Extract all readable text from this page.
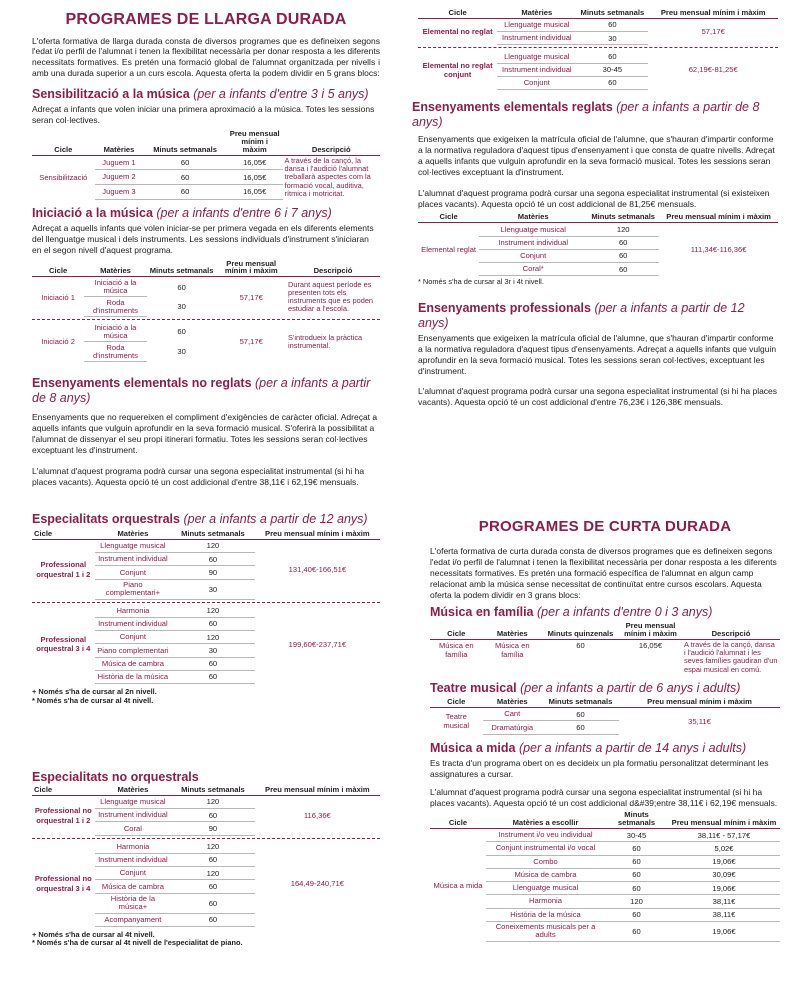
PROGRAMES DE LLARGA DURADA
L'oferta formativa de llarga durada consta de diversos programes que es defineixen segons l'edat i/o perfil de l'alumnat i tenen la flexibilitat necessària per donar resposta a les diferents necessitats formatives. Es pretén una formació global de l'alumnat organitzada per nivells i amb una durada superior a un curs escola. Aquesta oferta la podem dividir en 5 grans blocs:
Sensibilització a la música (per a infants d'entre 3 i 5 anys)
Adreçat a infants que volen iniciar una primera aproximació a la música. Totes les sessions seran col·lectives.
Cicle	Matèries	Minuts setmanals	Preu mensual mínim i màxim	Descripció
Sensibilització	Juguem 1	60	16,05€	A través de la cançó, la dansa i l'audició l'alumnat treballarà aspectes com la formació vocal, auditiva, rítmica i motricitat.
	Juguem 2	60	16,05€	
	Juguem 3	60	16,05€	
Iniciació a la música (per a infants d'entre 6 i 7 anys)
Adreçat a aquells infants que volen iniciar-se per primera vegada en els diferents elements del llenguatge musical i dels instruments. Les sessions individuals d'instrument s'iniciaran en el segon nivell d'aquest programa.
Cicle	Matèries	Minuts setmanals	Preu mensual mínim i màxim	Descripció
Iniciació 1	Iniciació a la música	60	57,17€	Durant aquest període es presenten tots els instruments que es poden estudiar a l'escola.
	Roda d'instruments	30		

Iniciació 2	Iniciació a la música	60	57,17€	S'introdueix la pràctica instrumental.
	Roda d'instruments	30		
Ensenyaments elementals no reglats (per a infants a partir de 8 anys)
Ensenyaments que no requereixen el compliment d'exigències de caràcter oficial. Adreçat a aquells infants que vulguin aprofundir en la seva formació musical. S'oferirà la possibilitat a l'alumnat de dissenyar el seu propi itinerari formatiu. Totes les sessions seran col·lectives exceptuant les d'instrument.
L'alumnat d'aquest programa podrà cursar una segona especialitat instrumental (si hi ha places vacants). Aquesta opció té un cost addicional d'entre 38,11€ i 62,19€ mensuals.
Especialitats orquestrals (per a infants a partir de 12 anys)
Cicle	Matèries	Minuts setmanals	Preu mensual mínim i màxim
Professional orquestral 1 i 2	Llenguatge musical	120	131,40€-166,51€
	Instrument individual	60	
	Conjunt	90	
	Piano complementari+	30	

Professional orquestral 3 i 4	Harmonia	120	199,60€-237,71€
	Instrument individual	60	
	Conjunt	120	
	Piano complementari	30	
	Música de cambra	60	
	Història de la música	60	
+ Només s'ha de cursar al 2n nivell.
* Només s'ha de cursar al 4t nivell.
Especialitats no orquestrals
Cicle	Matèries	Minuts setmanals	Preu mensual mínim i màxim
Professional no orquestral 1 i 2	Llenguatge musical	120	116,36€
	Instrument individual	60	
	Coral	90	

Professional no orquestral 3 i 4	Harmonia	120	164,49-240,71€
	Instrument individual	60	
	Conjunt	120	
	Música de cambra	60	
	Història de la música+	60	
	Acompanyament	60	
+ Només s'ha de cursar al 4t nivell.
* Només s'ha de cursar al 4t nivell de l'especialitat de piano.
Cicle	Matèries	Minuts setmanals	Preu mensual mínim i màxim
Elemental no reglat	Llenguatge musical	60	57,17€
	Instrument individual	30	

Elemental no reglat conjunt	Llenguatge musical	60	62,19€-81,25€
	Instrument individual	30-45	
	Conjunt	60	
Ensenyaments elementals reglats (per a infants a partir de 8 anys)
Ensenyaments que exigeixen la matrícula oficial de l'alumne, que s'hauran d'impartir conforme a la normativa reguladora d'aquest tipus d'ensenyament i que consta de quatre nivells. Adreçat a aquells infants que vulguin aprofundir en la seva formació musical. Totes les sessions seran col·lectives exceptuant la d'instrument.
L'alumnat d'aquest programa podrà cursar una segona especialitat instrumental (si existeixen places vacants). Aquesta opció té un cost addicional de 81,25€ mensuals.
Cicle	Matèries	Minuts setmanals	Preu mensual mínim i màxim
Elemental reglat	Llenguatge musical	120	111,34€-116,36€
	Instrument individual	60	
	Conjunt	60	
	Coral*	60	
* Només s'ha de cursar al 3r i 4t nivell.
Ensenyaments professionals (per a infants a partir de 12 anys)
Ensenyaments que exigeixen la matrícula oficial de l'alumne, que s'hauran d'impartir conforme a la normativa reguladora d'aquest tipus d'ensenyaments. Adreçat a aquells infants que vulguin aprofundir en la seva formació musical. Totes les sessions seran col·lectives, exceptuant les d'instrument.
L'alumnat d'aquest programa podrà cursar una segona especialitat instrumental (si hi ha places vacants). Aquesta opció té un cost addicional d'entre 76,23€ i 126,38€ mensuals.
PROGRAMES DE CURTA DURADA
L'oferta formativa de curta durada consta de diversos programes que es defineixen segons l'edat i/o perfil de l'alumnat i tenen la flexibilitat necessària per donar resposta a les diferents necessitats formatives. Es pretén una formació específica de l'alumnat en algun camp relacionat amb la música sense necessitat de continuïtat entre cursos escolars. Aquesta oferta la podem dividir en 3 grans blocs:
Música en família (per a infants d'entre 0 i 3 anys)
Cicle	Matèries	Minuts quinzenals	Preu mensual mínim i màxim	Descripció
Música en família	Música en família	60	16,05€	A través de la cançó, dansa i l'audició l'alumnat i les seves famílies gaudiran d'un espai musical en comú.
Teatre musical (per a infants a partir de 6 anys i adults)
Cicle	Matèries	Minuts setmanals	Preu mensual mínim i màxim
Teatre musical	Cant	60	35,11€
	Dramatúrgia	60	
Música a mida (per a infants a partir de 14 anys i adults)
Es tracta d'un programa obert on es decideix un pla formatiu personalitzat determinant les assignatures a cursar.
L'alumnat d'aquest programa podrà cursar una segona especialitat instrumental (si hi ha places vacants). Aquesta opció té un cost addicional d&#39;entre 38,11€ i 62,19€ mensuals.
Cicle	Matèries a escollir	Minuts setmanals	Preu mensual mínim i màxim
Música a mida	Instrument i/o veu individual	30-45	38,11€ - 57,17€
	Conjunt instrumental i/o vocal	60	5,02€
	Combo	60	19,06€
	Música de cambra	60	30,09€
	Llenguatge musical	60	19,06€
	Harmonia	120	38,11€
	Història de la música	60	38,11€
	Coneixements musicals per a adults	60	19,06€
